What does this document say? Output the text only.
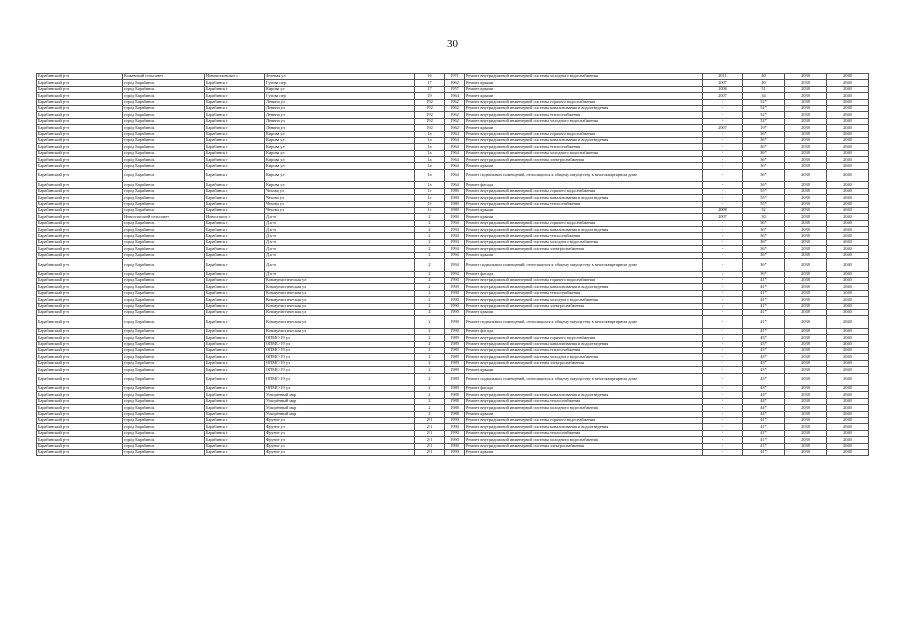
30
Барабинский р-н	Кожевский сельсовет	Новокозловское с	Зеленая ул	16	1971	Ремонт внутридомовой инженерной системы холодного водоснабжения	2011	40	2038	2040
Барабинский р-н	город Барабинск	Барабинск г	Гутова пер	17	1962	Ремонт крыши	2007	40	2038	2040
Барабинский р-н	город Барабинск	Барабинск г	Кирова ул	17	1957	Ремонт крыши	2006	51	2038	2040
Барабинский р-н	город Барабинск	Барабинск г	Гутова пер	19	1964	Ремонт крыши	2007	34	2038	2040
Барабинский р-н	город Барабинск	Барабинск г	Ленина ул	192	1962	Ремонт внутридомовой инженерной системы горячего водоснабжения	-	52*	2038	2040
Барабинский р-н	город Барабинск	Барабинск г	Ленина ул	192	1962	Ремонт внутридомовой инженерной системы канализования и водоотведения	-	52*	2038	2040
Барабинский р-н	город Барабинск	Барабинск г	Ленина ул	192	1962	Ремонт внутридомовой инженерной системы теплоснабжения	-	52*	2038	2040
Барабинский р-н	город Барабинск	Барабинск г	Ленина ул	192	1962	Ремонт внутридомовой инженерной системы холодного водоснабжения	-	52*	2038	2040
Барабинский р-н	город Барабинск	Барабинск г	Ленина ул	192	1962	Ремонт крыши	2007	19*	2038	2040
Барабинский р-н	город Барабинск	Барабинск г	Кирова ул	1а	1964	Ремонт внутридомовой инженерной системы горячего водоснабжения	-	36*	2038	2040
Барабинский р-н	город Барабинск	Барабинск г	Кирова ул	1а	1964	Ремонт внутридомовой инженерной системы канализования и водоотведения	-	36*	2038	2040
Барабинский р-н	город Барабинск	Барабинск г	Кирова ул	1а	1964	Ремонт внутридомовой инженерной системы теплоснабжения	-	36*	2038	2040
Барабинский р-н	город Барабинск	Барабинск г	Кирова ул	1а	1964	Ремонт внутридомовой инженерной системы холодного водоснабжения	-	36*	2038	2040
Барабинский р-н	город Барабинск	Барабинск г	Кирова ул	1а	1964	Ремонт внутридомовой инженерной системы электроснабжения	-	36*	2038	2040
Барабинский р-н	город Барабинск	Барабинск г	Кирова ул	1а	1964	Ремонт крыши	-	36*	2038	2040
Барабинский р-н	город Барабинск	Барабинск г	Кирова ул	1а	1964	Ремонт подвальных помещений, относящихся к общему имуществу в многоквартирном доме	-	36*	2038	2040
Барабинский р-н	город Барабинск	Барабинск г	Кирова ул	1а	1964	Ремонт фасада	-	36*	2038	2040
Барабинский р-н	город Барабинск	Барабинск г	Чехова ул	1г	1980	Ремонт внутридомовой инженерной системы горячего водоснабжения	-	55*	2038	2040
Барабинский р-н	город Барабинск	Барабинск г	Чехова ул	1г	1980	Ремонт внутридомовой инженерной системы канализования и водоотведения	-	55*	2038	2040
Барабинский р-н	город Барабинск	Барабинск г	Чехова ул	1г	1980	Ремонт внутридомовой инженерной системы теплоснабжения	-	55*	2038	2040
Барабинский р-н	город Барабинск	Барабинск г	Чехова ул	1г	1980	Ремонт крыши	2008	32	2038	2040
Барабинский р-н	Новоспасский сельсовет	Новоспасск с	Д.к-н	2	1969	Ремонт крыши	2007	30	2038	2040
Барабинский р-н	город Барабинск	Барабинск г	Д.к-н	2	1994	Ремонт внутридомовой инженерной системы горячего водоснабжения	-	36*	2038	2040
Барабинский р-н	город Барабинск	Барабинск г	Д.к-н	2	1994	Ремонт внутридомовой инженерной системы канализования и водоотведения	-	36*	2038	2040
Барабинский р-н	город Барабинск	Барабинск г	Д.к-н	2	1994	Ремонт внутридомовой инженерной системы теплоснабжения	-	36*	2038	2040
Барабинский р-н	город Барабинск	Барабинск г	Д.к-н	2	1994	Ремонт внутридомовой инженерной системы холодного водоснабжения	-	36*	2038	2040
Барабинский р-н	город Барабинск	Барабинск г	Д.к-н	2	1994	Ремонт внутридомовой инженерной системы электроснабжения	-	36*	2038	2040
Барабинский р-н	город Барабинск	Барабинск г	Д.к-н	2	1994	Ремонт крыши	-	36*	2038	2040
Барабинский р-н	город Барабинск	Барабинск г	Д.к-н	2	1994	Ремонт подвальных помещений, относящихся к общему имуществу в многоквартирном доме	-	36*	2038	2040
Барабинский р-н	город Барабинск	Барабинск г	Д.к-н	2	1994	Ремонт фасада	-	36*	2038	2040
Барабинский р-н	город Барабинск	Барабинск г	Коммунистическая ул	2	1990	Ремонт внутридомовой инженерной системы горячего водоснабжения	-	41*	2038	2040
Барабинский р-н	город Барабинск	Барабинск г	Коммунистическая ул	2	1990	Ремонт внутридомовой инженерной системы канализования и водоотведения	-	41*	2038	2040
Барабинский р-н	город Барабинск	Барабинск г	Коммунистическая ул	2	1990	Ремонт внутридомовой инженерной системы теплоснабжения	-	41*	2038	2040
Барабинский р-н	город Барабинск	Барабинск г	Коммунистическая ул	2	1990	Ремонт внутридомовой инженерной системы холодного водоснабжения	-	41*	2038	2040
Барабинский р-н	город Барабинск	Барабинск г	Коммунистическая ул	2	1990	Ремонт внутридомовой инженерной системы электроснабжения	-	41*	2038	2040
Барабинский р-н	город Барабинск	Барабинск г	Коммунистическая ул	2	1990	Ремонт крыши	-	41*	2038	2040
Барабинский р-н	город Барабинск	Барабинск г	Коммунистическая ул	2	1990	Ремонт подвальных помещений, относящихся к общему имуществу в многоквартирном доме	-	41*	2038	2040
Барабинский р-н	город Барабинск	Барабинск г	Коммунистическая ул	2	1990	Ремонт фасада	-	41*	2038	2040
Барабинский р-н	город Барабинск	Барабинск г	ОПМС-19 ул	2	1989	Ремонт внутридомовой инженерной системы горячего водоснабжения	-	43*	2038	2040
Барабинский р-н	город Барабинск	Барабинск г	ОПМС-19 ул	2	1989	Ремонт внутридомовой инженерной системы канализования и водоотведения	-	43*	2038	2040
Барабинский р-н	город Барабинск	Барабинск г	ОПМС-19 ул	2	1989	Ремонт внутридомовой инженерной системы теплоснабжения	-	43*	2038	2040
Барабинский р-н	город Барабинск	Барабинск г	ОПМС-19 ул	2	1989	Ремонт внутридомовой инженерной системы холодного водоснабжения	-	43*	2038	2040
Барабинский р-н	город Барабинск	Барабинск г	ОПМС-19 ул	2	1989	Ремонт внутридомовой инженерной системы электроснабжения	-	43*	2038	2040
Барабинский р-н	город Барабинск	Барабинск г	ОПМС-19 ул	2	1989	Ремонт крыши	-	43*	2038	2040
Барабинский р-н	город Барабинск	Барабинск г	ОПМС-19 ул	2	1989	Ремонт подвальных помещений, относящихся к общему имуществу в многоквартирном доме	-	43*	2038	2040
Барабинский р-н	город Барабинск	Барабинск г	ОПМС-19 ул	2	1989	Ремонт фасада	-	43*	2038	2040
Барабинский р-н	город Барабинск	Барабинск г	Ускорённый мкр	2	1988	Ремонт внутридомовой инженерной системы канализования и водоотведения	-	44*	2038	2040
Барабинский р-н	город Барабинск	Барабинск г	Ускорённый мкр	2	1988	Ремонт внутридомовой инженерной системы теплоснабжения	-	44*	2038	2040
Барабинский р-н	город Барабинск	Барабинск г	Ускорённый мкр	2	1988	Ремонт внутридомовой инженерной системы холодного водоснабжения	-	44*	2038	2040
Барабинский р-н	город Барабинск	Барабинск г	Ускорённый мкр	2	1988	Ремонт крыши	-	44*	2038	2040
Барабинский р-н	город Барабинск	Барабинск г	Фрунзе ул	2/1	1990	Ремонт внутридомовой инженерной системы горячего водоснабжения	-	41*	2038	2040
Барабинский р-н	город Барабинск	Барабинск г	Фрунзе ул	2/1	1990	Ремонт внутридомовой инженерной системы канализования и водоотведения	-	41*	2038	2040
Барабинский р-н	город Барабинск	Барабинск г	Фрунзе ул	2/1	1990	Ремонт внутридомовой инженерной системы теплоснабжения	-	41*	2038	2040
Барабинский р-н	город Барабинск	Барабинск г	Фрунзе ул	2/1	1990	Ремонт внутридомовой инженерной системы холодного водоснабжения	-	41*	2038	2040
Барабинский р-н	город Барабинск	Барабинск г	Фрунзе ул	2/1	1990	Ремонт внутридомовой инженерной системы электроснабжения	-	41*	2038	2040
Барабинский р-н	город Барабинск	Барабинск г	Фрунзе ул	2/1	1990	Ремонт крыши	-	41*	2038	2040
